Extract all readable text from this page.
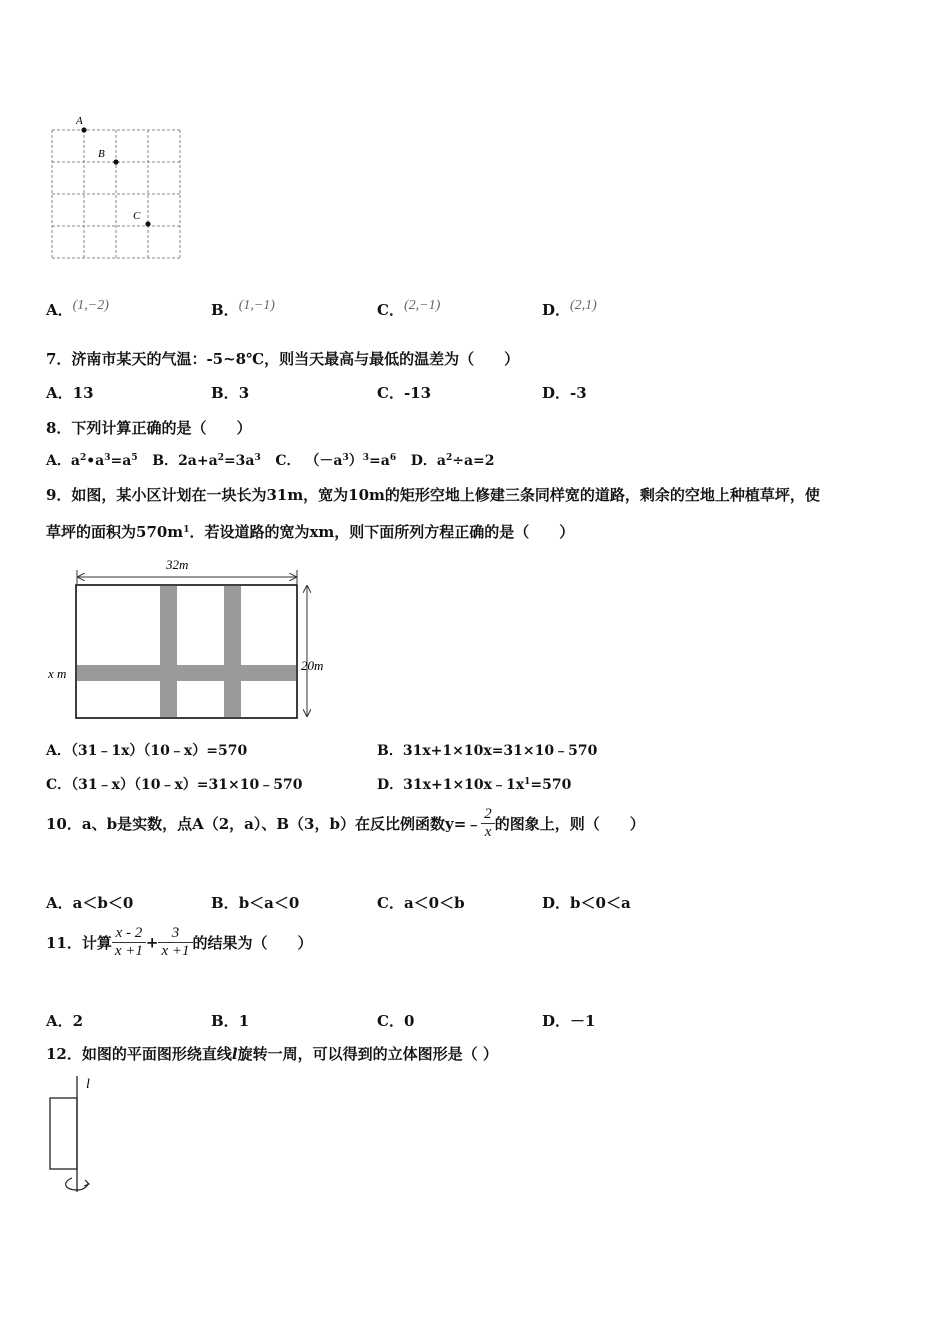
A
B
C
A．(1,−2)	B．(1,−1)	C．(2,−1)	D．(2,1)
7．济南市某天的气温：-5~8℃，则当天最高与最低的温差为（　　）
A．13	B．3	C．-13	D．-3
8．下列计算正确的是（　　）
A．$a^2•a^3=a^5$ B．$2a+a^2=3a^3$ C． $(-a^3)^3=a^6$ D．$a^2\div a=2$
9．如图，某小区计划在一块长为31m，宽为10m的矩形空地上修建三条同样宽的道路，剩余的空地上种植草坪，使
草坪的面积为$570m^1$．若设道路的宽为xm，则下面所列方程正确的是（　　）
32m
20m
x m
A．（31﹣1x）（10﹣x）=570	B．31x+1×10x=31×10﹣570
C．（31﹣x）（10﹣x）=31×10﹣570	D．$31x+1\times 10x﹣1x^1=570$
10．a、b是实数，点A（2，a）、B（3，b）在反比例函数y=﹣ $\frac{2}{x}$ 的图象上，则（　　）
A．a＜b＜0	B．b＜a＜0	C．a＜0＜b	D．b＜0＜a
11．计算 $\frac{x - 2}{x +1} + \frac{3}{x +1}$ 的结果为（　　）
A．2	B．1	C．0	D．－1
12．如图的平面图形绕直线l旋转一周，可以得到的立体图形是（ ）
l
